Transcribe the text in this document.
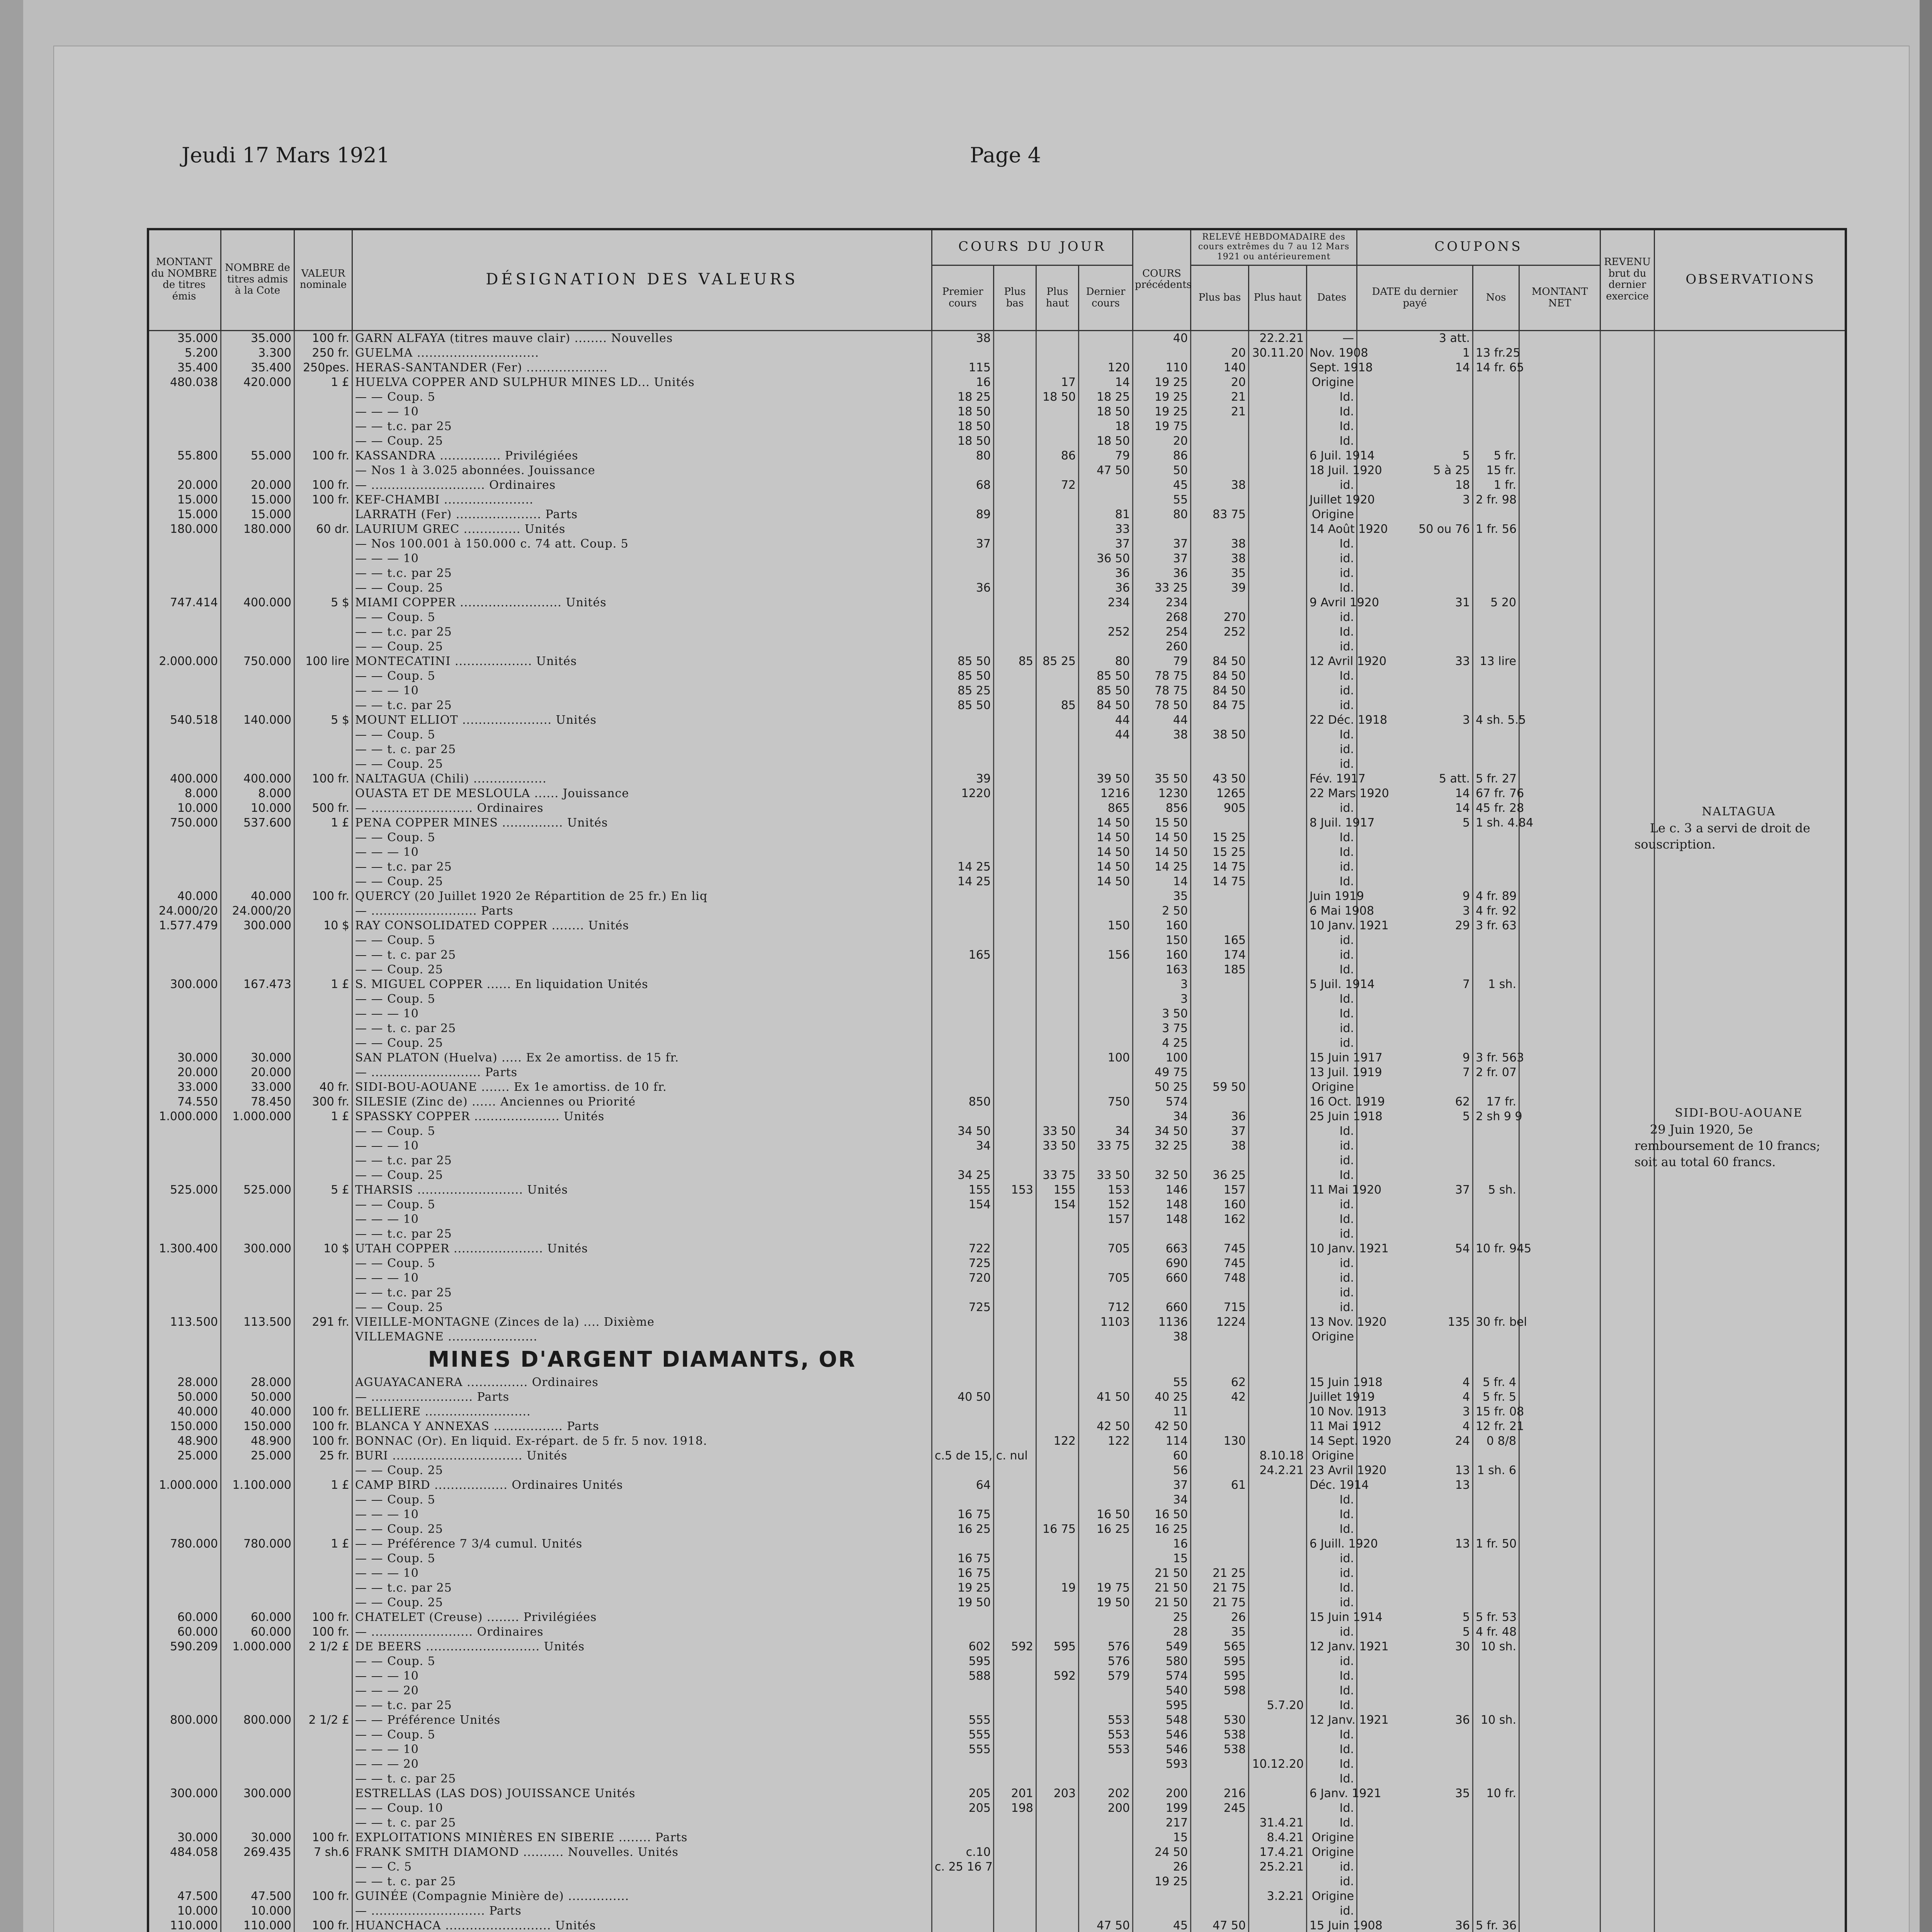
Jeudi 17 Mars 1921	Page 4
MONTANT du NOMBRE de titres émis	NOMBRE de titres admis à la Cote	VALEUR nominale	DÉSIGNATION DES VALEURS	COURS DU JOUR				COURS précédents	RELEVÉ HEBDOMADAIRE des cours extrêmes du 7 au 12 Mars 1921 ou antérieurement			COUPONS			REVENU brut du dernier exercice	OBSERVATIONS
				Premier cours	Plus bas	Plus haut	Dernier cours		Plus bas	Plus haut	Dates	DATE du dernier payé	Nos	MONTANT NET		
35.000	35.000	100 fr.	GARN ALFAYA (titres mauve clair) ........ Nouvelles	38				40		22.2.21	—	3 att.				
5.200	3.300	250 fr.	GUELMA ..............................						20	30.11.20	Nov. 1908	1	13 fr.25			
35.400	35.400	250pes.	HERAS-SANTANDER (Fer) ....................	115			120	110	140		Sept. 1918	14	14 fr. 65			
480.038	420.000	1 £	HUELVA COPPER AND SULPHUR MINES LD... Unités	16		17	14	19 25	20		Origine					
			— — Coup. 5	18 25		18 50	18 25	19 25	21		Id.					
			— — — 10	18 50			18 50	19 25	21		Id.					
			— — t.c. par 25	18 50			18	19 75			Id.					
			— — Coup. 25	18 50			18 50	20			Id.					
55.800	55.000	100 fr.	KASSANDRA ............... Privilégiées	80		86	79	86			6 Juil. 1914	5	5 fr.			
			— Nos 1 à 3.025 abonnées. Jouissance				47 50	50			18 Juil. 1920	5 à 25	15 fr.			
20.000	20.000	100 fr.	— ............................ Ordinaires	68		72		45	38		id.	18	1 fr.			
15.000	15.000	100 fr.	KEF-CHAMBI ......................					55			Juillet 1920	3	2 fr. 98			
15.000	15.000		LARRATH (Fer) ..................... Parts	89			81	80	83 75		Origine					
180.000	180.000	60 dr.	LAURIUM GREC .............. Unités				33				14 Août 1920	50 ou 76	1 fr. 56			
			— Nos 100.001 à 150.000 c. 74 att. Coup. 5	37			37	37	38		Id.					
			— — — 10				36 50	37	38		id.					
			— — t.c. par 25				36	36	35		id.					
			— — Coup. 25	36			36	33 25	39		Id.					
747.414	400.000	5 $	MIAMI COPPER ......................... Unités				234	234			9 Avril 1920	31	5 20			
			— — Coup. 5					268	270		id.					
			— — t.c. par 25				252	254	252		Id.					
			— — Coup. 25					260			id.					
2.000.000	750.000	100 lire	MONTECATINI ................... Unités	85 50	85	85 25	80	79	84 50		12 Avril 1920	33	13 lire			
			— — Coup. 5	85 50			85 50	78 75	84 50		Id.					
			— — — 10	85 25			85 50	78 75	84 50		id.					
			— — t.c. par 25	85 50		85	84 50	78 50	84 75		id.					
540.518	140.000	5 $	MOUNT ELLIOT ...................... Unités				44	44			22 Déc. 1918	3	4 sh. 5.5			
			— — Coup. 5				44	38	38 50		Id.					
			— — t. c. par 25								id.					
			— — Coup. 25								id.					
400.000	400.000	100 fr.	NALTAGUA (Chili) ..................	39			39 50	35 50	43 50		Fév. 1917	5 att.	5 fr. 27			
8.000	8.000		OUASTA ET DE MESLOULA ...... Jouissance	1220			1216	1230	1265		22 Mars 1920	14	67 fr. 76			
10.000	10.000	500 fr.	— ......................... Ordinaires				865	856	905		id.	14	45 fr. 28			
750.000	537.600	1 £	PENA COPPER MINES ............... Unités				14 50	15 50			8 Juil. 1917	5	1 sh. 4.84			
			— — Coup. 5				14 50	14 50	15 25		Id.					
			— — — 10				14 50	14 50	15 25		Id.					
			— — t.c. par 25	14 25			14 50	14 25	14 75		id.					
			— — Coup. 25	14 25			14 50	14	14 75		Id.					
40.000	40.000	100 fr.	QUERCY (20 Juillet 1920 2e Répartition de 25 fr.) En liq					35			Juin 1919	9	4 fr. 89			
24.000/20	24.000/20		— .......................... Parts					2 50			6 Mai 1908	3	4 fr. 92			
1.577.479	300.000	10 $	RAY CONSOLIDATED COPPER ........ Unités				150	160			10 Janv. 1921	29	3 fr. 63			
			— — Coup. 5					150	165		id.					
			— — t. c. par 25	165			156	160	174		id.					
			— — Coup. 25					163	185		Id.					
300.000	167.473	1 £	S. MIGUEL COPPER ...... En liquidation Unités					3			5 Juil. 1914	7	1 sh.			
			— — Coup. 5					3			Id.					
			— — — 10					3 50			Id.					
			— — t. c. par 25					3 75			id.					
			— — Coup. 25					4 25			id.					
30.000	30.000		SAN PLATON (Huelva) ..... Ex 2e amortiss. de 15 fr.				100	100			15 Juin 1917	9	3 fr. 563			
20.000	20.000		— ........................... Parts					49 75			13 Juil. 1919	7	2 fr. 07			
33.000	33.000	40 fr.	SIDI-BOU-AOUANE ....... Ex 1e amortiss. de 10 fr.					50 25	59 50		Origine					
74.550	78.450	300 fr.	SILESIE (Zinc de) ...... Anciennes ou Priorité	850			750	574			16 Oct. 1919	62	17 fr.			
1.000.000	1.000.000	1 £	SPASSKY COPPER ..................... Unités					34	36		25 Juin 1918	5	2 sh 9 9			
			— — Coup. 5	34 50		33 50	34	34 50	37		Id.					
			— — — 10	34		33 50	33 75	32 25	38		id.					
			— — t.c. par 25								id.					
			— — Coup. 25	34 25		33 75	33 50	32 50	36 25		Id.					
525.000	525.000	5 £	THARSIS .......................... Unités	155	153	155	153	146	157		11 Mai 1920	37	5 sh.			
			— — Coup. 5	154		154	152	148	160		id.					
			— — — 10				157	148	162		Id.					
			— — t.c. par 25								id.					
1.300.400	300.000	10 $	UTAH COPPER ...................... Unités	722			705	663	745		10 Janv. 1921	54	10 fr. 945			
			— — Coup. 5	725				690	745		id.					
			— — — 10	720			705	660	748		id.					
			— — t.c. par 25								id.					
			— — Coup. 25	725			712	660	715		id.					
113.500	113.500	291 fr.	VIEILLE-MONTAGNE (Zinces de la) .... Dixième				1103	1136	1224		13 Nov. 1920	135	30 fr. bel			
			VILLEMAGNE ......................					38			Origine					
			MINES D'ARGENT DIAMANTS, OR													
28.000	28.000		AGUAYACANERA ............... Ordinaires					55	62		15 Juin 1918	4	5 fr. 4			
50.000	50.000		— ......................... Parts	40 50			41 50	40 25	42		Juillet 1919	4	5 fr. 5			
40.000	40.000	100 fr.	BELLIERE ..........................					11			10 Nov. 1913	3	15 fr. 08			
150.000	150.000	100 fr.	BLANCA Y ANNEXAS ................. Parts				42 50	42 50			11 Mai 1912	4	12 fr. 21			
48.900	48.900	100 fr.	BONNAC (Or). En liquid. Ex-répart. de 5 fr. 5 nov. 1918.			122	122	114	130		14 Sept. 1920	24	0 8/8			
25.000	25.000	25 fr.	BURI ................................ Unités	c.5 de 15, c. nul				60		8.10.18	Origine					
			— — Coup. 25					56		24.2.21	23 Avril 1920	13	1 sh. 6			
1.000.000	1.100.000	1 £	CAMP BIRD .................. Ordinaires Unités	64				37	61		Déc. 1914	13				
			— — Coup. 5					34			Id.					
			— — — 10	16 75			16 50	16 50			Id.					
			— — Coup. 25	16 25		16 75	16 25	16 25			Id.					
780.000	780.000	1 £	— — Préférence 7 3/4 cumul. Unités					16			6 Juill. 1920	13	1 fr. 50			
			— — Coup. 5	16 75				15			id.					
			— — — 10	16 75				21 50	21 25		id.					
			— — t.c. par 25	19 25		19	19 75	21 50	21 75		Id.					
			— — Coup. 25	19 50			19 50	21 50	21 75		id.					
60.000	60.000	100 fr.	CHATELET (Creuse) ........ Privilégiées					25	26		15 Juin 1914	5	5 fr. 53			
60.000	60.000	100 fr.	— ......................... Ordinaires					28	35		id.	5	4 fr. 48			
590.209	1.000.000	2 1/2 £	DE BEERS ............................ Unités	602	592	595	576	549	565		12 Janv. 1921	30	10 sh.			
			— — Coup. 5	595			576	580	595		id.					
			— — — 10	588		592	579	574	595		Id.					
			— — — 20					540	598		Id.					
			— — t.c. par 25					595		5.7.20	Id.					
800.000	800.000	2 1/2 £	— — Préférence Unités	555			553	548	530		12 Janv. 1921	36	10 sh.			
			— — Coup. 5	555			553	546	538		Id.					
			— — — 10	555			553	546	538		Id.					
			— — — 20					593		10.12.20	Id.					
			— — t. c. par 25								Id.					
300.000	300.000		ESTRELLAS (LAS DOS) JOUISSANCE Unités	205	201	203	202	200	216		6 Janv. 1921	35	10 fr.			
			— — Coup. 10	205	198		200	199	245		Id.					
			— — t. c. par 25					217		31.4.21	Id.					
30.000	30.000	100 fr.	EXPLOITATIONS MINIÈRES EN SIBERIE ........ Parts					15		8.4.21	Origine					
484.058	269.435	7 sh.6	FRANK SMITH DIAMOND .......... Nouvelles. Unités	c.10				24 50		17.4.21	Origine					
			— — C. 5	c. 25 16 7				26		25.2.21	id.					
			— — t. c. par 25					19 25			id.					
47.500	47.500	100 fr.	GUINÉE (Compagnie Minière de) ...............							3.2.21	Origine					
10.000	10.000		— ............................ Parts								id.					
110.000	110.000	100 fr.	HUANCHACA .......................... Unités				47 50	45	47 50		15 Juin 1908	36	5 fr. 36			

NALTAGUA
Le c. 3 a servi de droit de souscription.
SIDI-BOU-AOUANE
29 Juin 1920, 5e remboursement de 10 francs; soit au total 60 francs.
